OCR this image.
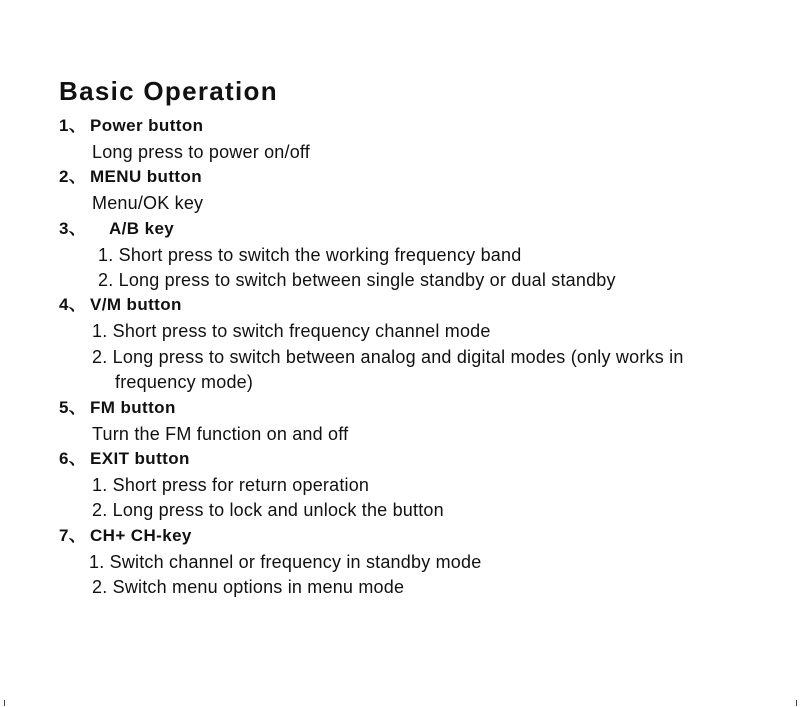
Basic Operation
1、 Power button
Long press to power on/off
2、 MENU button
Menu/OK key
3、 A/B key
1. Short press to switch the working frequency band
2. Long press to switch between single standby or dual standby
4、 V/M button
1. Short press to switch frequency channel mode
2. Long press to switch between analog and digital modes (only works in
frequency mode)
5、 FM button
Turn the FM function on and off
6、 EXIT button
1. Short press for return operation
2. Long press to lock and unlock the button
7、 CH+ CH-key
1. Switch channel or frequency in standby mode
2. Switch menu options in menu mode
